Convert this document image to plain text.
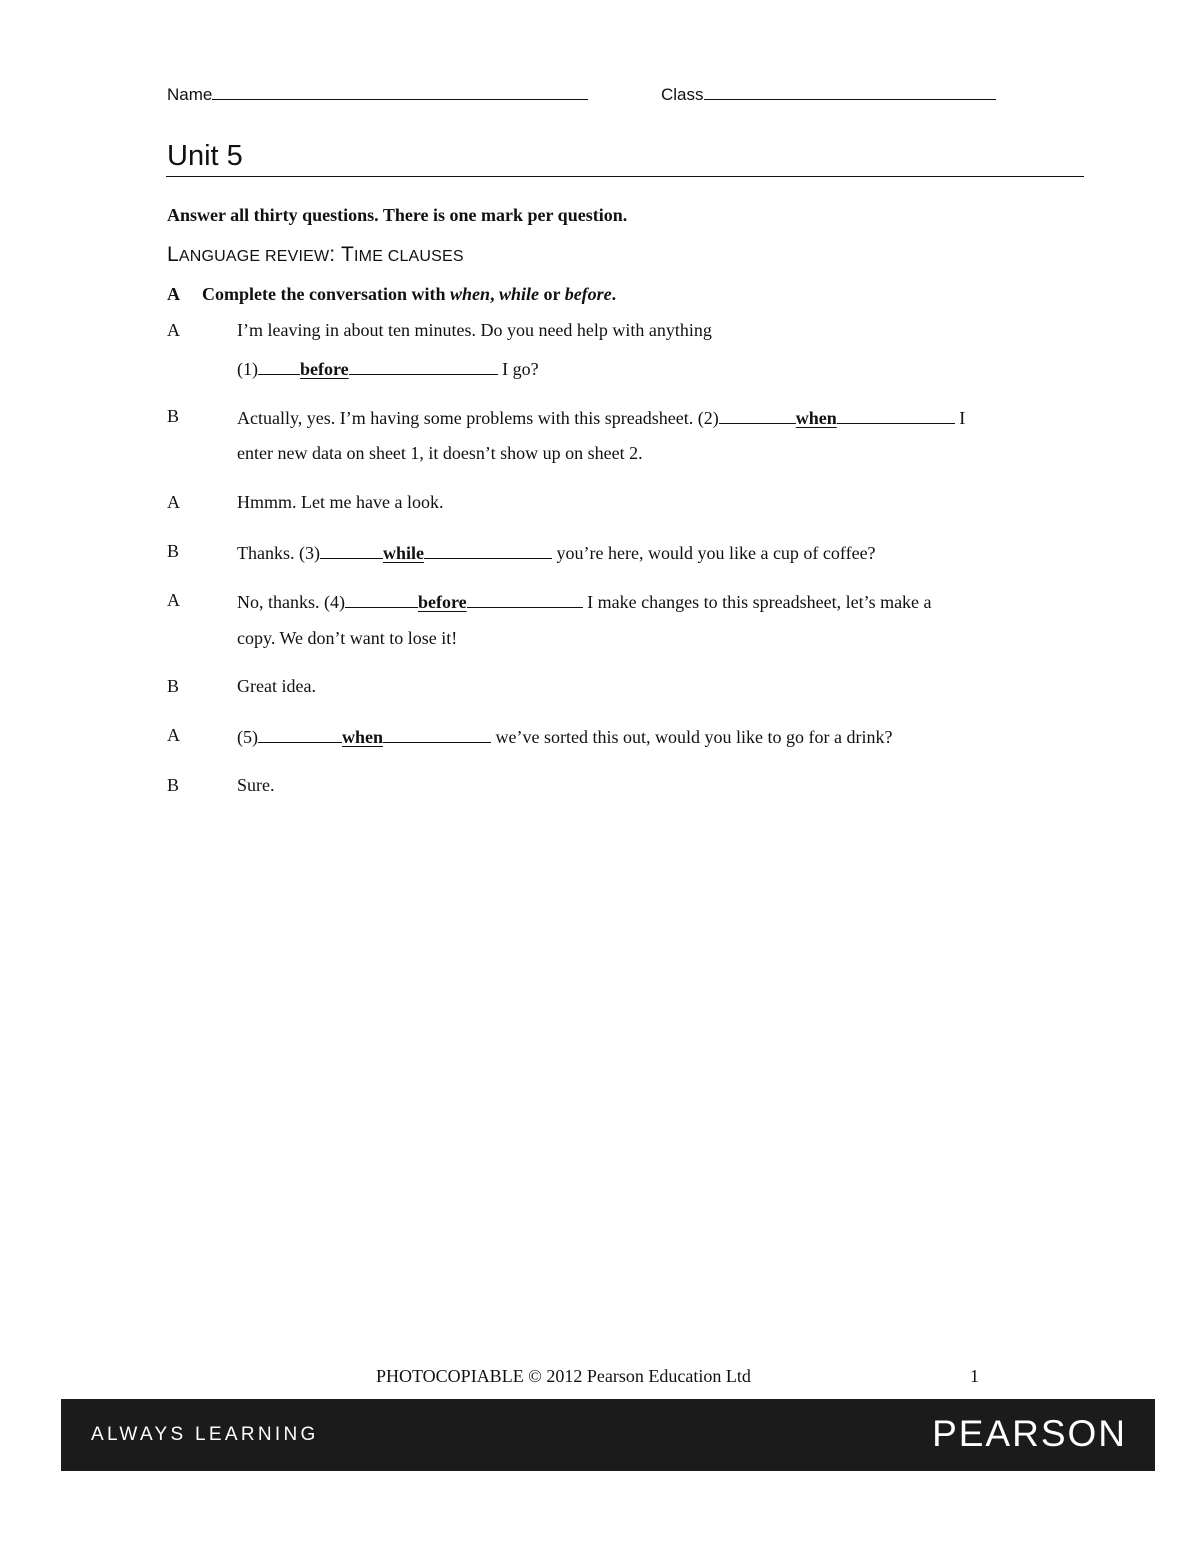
Name	Class
Unit 5
Answer all thirty questions. There is one mark per question.
LANGUAGE REVIEW: TIME CLAUSES
A Complete the conversation with when, while or before.
A	I’m leaving in about ten minutes. Do you need help with anything
(1) before	I go?
B	Actually, yes. I’m having some problems with this spreadsheet. (2)	when	I
enter new data on sheet 1, it doesn’t show up on sheet 2.
A	Hmmm. Let me have a look.
B	Thanks. (3)	while	you’re here, would you like a cup of coffee?
A	No, thanks. (4)	before	I make changes to this spreadsheet, let’s make a
copy. We don’t want to lose it!
B	Great idea.
A	(5)	when	we’ve sorted this out, would you like to go for a drink?
B	Sure.
PHOTOCOPIABLE © 2012 Pearson Education Ltd	1
ALWAYS LEARNING	PEARSON
